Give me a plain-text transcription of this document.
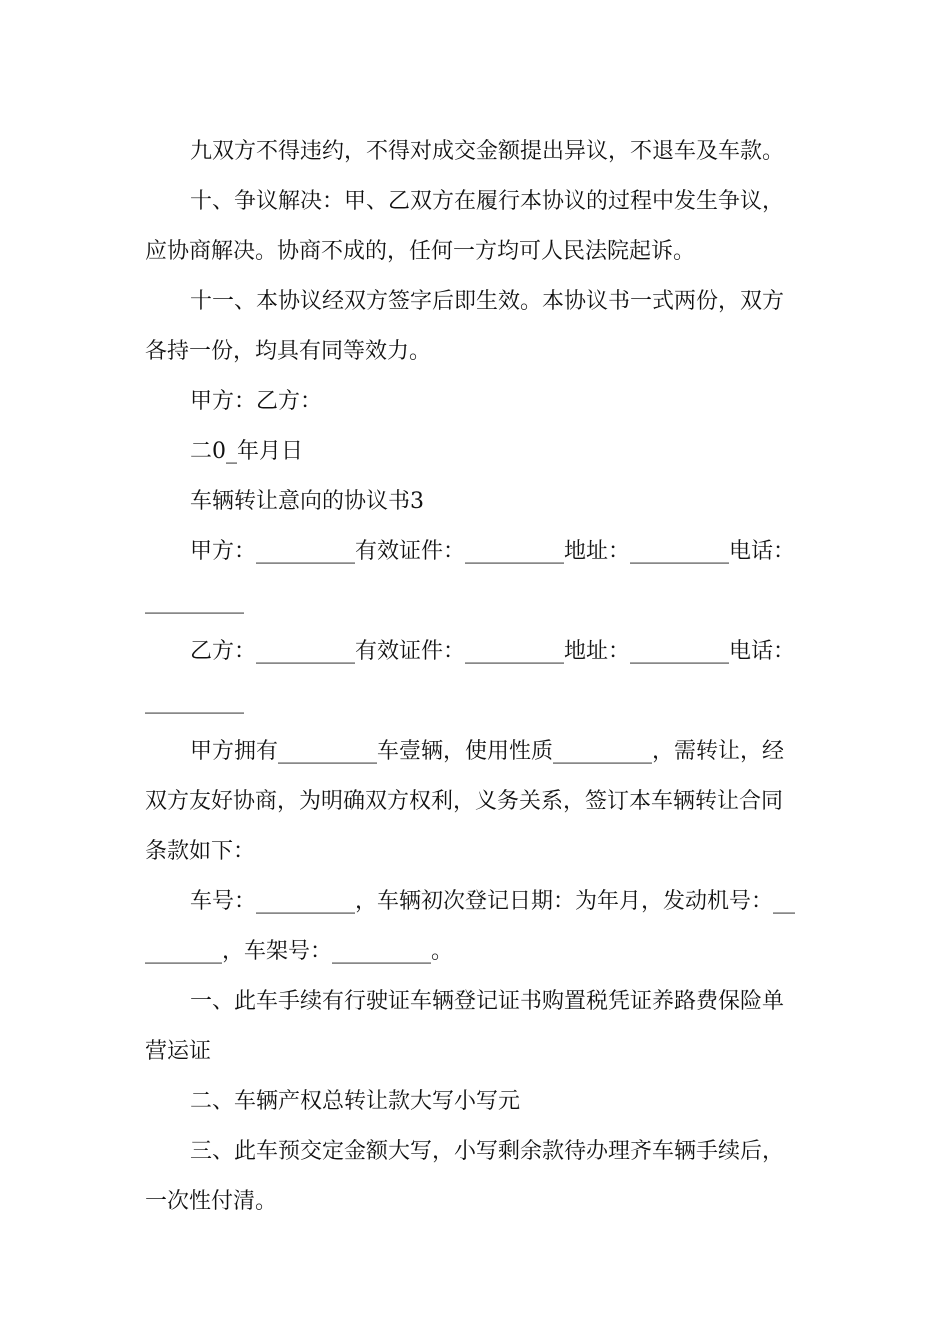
九双方不得违约，不得对成交金额提出异议，不退车及车款。
十、争议解决：甲、乙双方在履行本协议的过程中发生争议，
应协商解决。协商不成的，任何一方均可人民法院起诉。
十一、本协议经双方签字后即生效。本协议书一式两份，双方
各持一份，均具有同等效力。
甲方：乙方：
二0_年月日
车辆转让意向的协议书3
甲方：_________有效证件：_________地址：_________电话：
_________
乙方：_________有效证件：_________地址：_________电话：
_________
甲方拥有_________车壹辆，使用性质_________，需转让，经
双方友好协商，为明确双方权利，义务关系，签订本车辆转让合同
条款如下：
车号：_________，车辆初次登记日期：为年月，发动机号：__
_______，车架号：_________。
一、此车手续有行驶证车辆登记证书购置税凭证养路费保险单
营运证
二、车辆产权总转让款大写小写元
三、此车预交定金额大写，小写剩余款待办理齐车辆手续后，
一次性付清。
